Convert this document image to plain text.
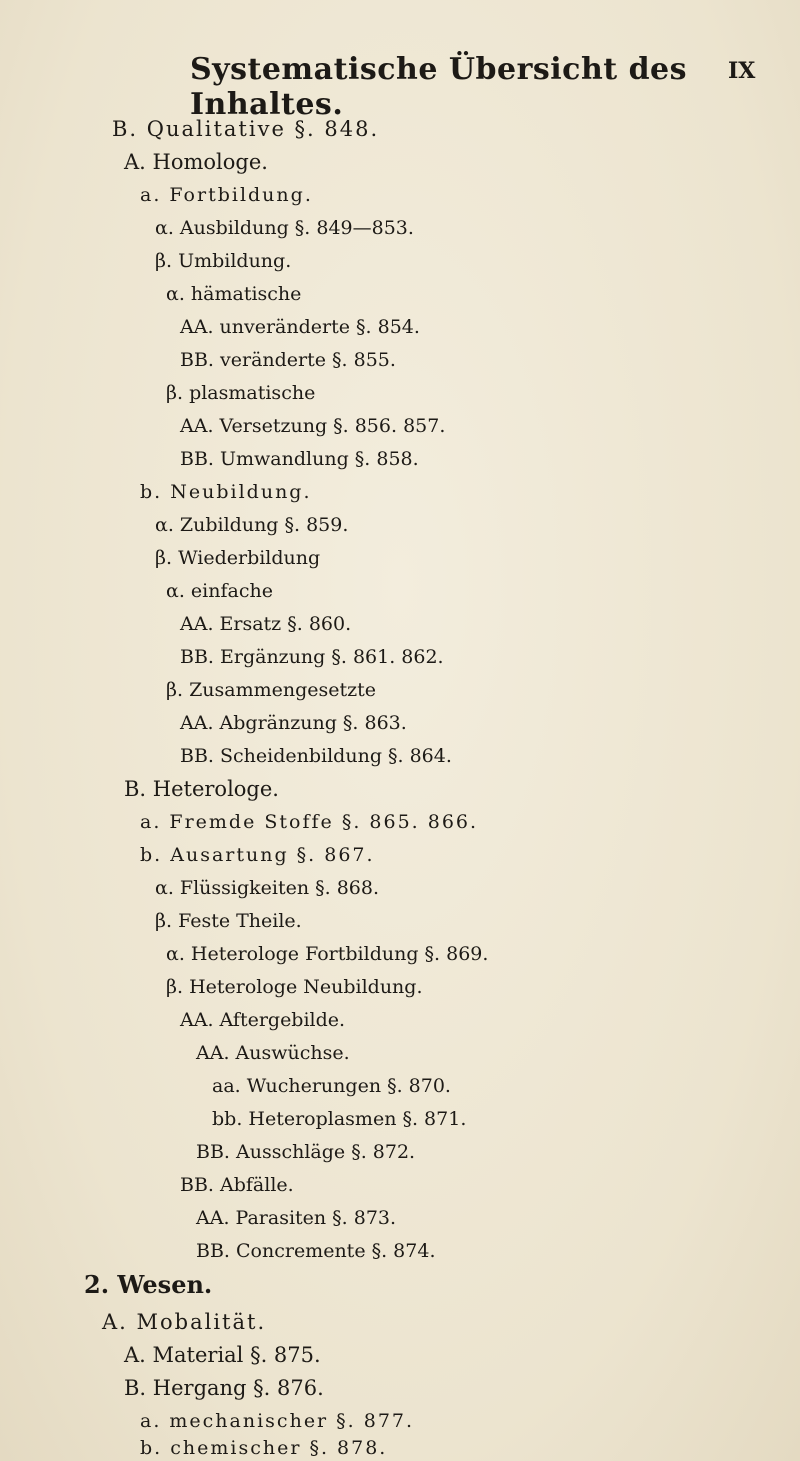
Systematische Übersicht des Inhaltes.
IX
B. Qualitative §. 848.
A. Homologe.
a. Fortbildung.
α. Ausbildung §. 849—853.
β. Umbildung.
α. hämatische
AA. unveränderte §. 854.
BB. veränderte §. 855.
β. plasmatische
AA. Versetzung §. 856. 857.
BB. Umwandlung §. 858.
b. Neubildung.
α. Zubildung §. 859.
β. Wiederbildung
α. einfache
AA. Ersatz §. 860.
BB. Ergänzung §. 861. 862.
β. Zusammengesetzte
AA. Abgränzung §. 863.
BB. Scheidenbildung §. 864.
B. Heterologe.
a. Fremde Stoffe §. 865. 866.
b. Ausartung §. 867.
α. Flüssigkeiten §. 868.
β. Feste Theile.
α. Heterologe Fortbildung §. 869.
β. Heterologe Neubildung.
AA. Aftergebilde.
AA. Auswüchse.
aa. Wucherungen §. 870.
bb. Heteroplasmen §. 871.
BB. Ausschläge §. 872.
BB. Abfälle.
AA. Parasiten §. 873.
BB. Concremente §. 874.
2. Wesen.
A. Mobalität.
A. Material §. 875.
B. Hergang §. 876.
a. mechanischer §. 877.
b. chemischer §. 878.
